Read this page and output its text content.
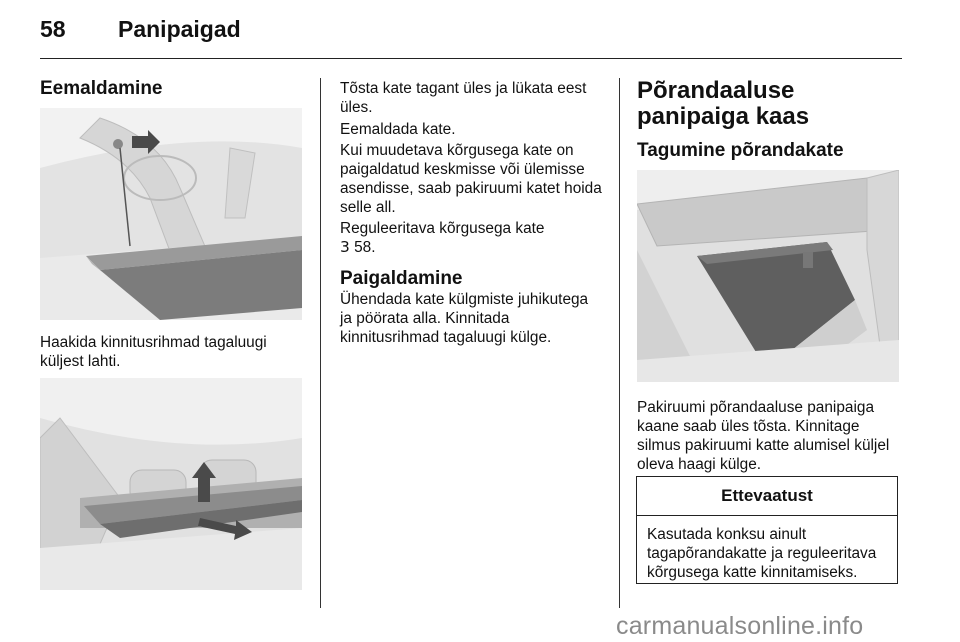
58 Panipaigad
Eemaldamine
Haakida kinnitusrihmad tagaluugi küljest lahti.
Tõsta kate tagant üles ja lükata eest üles.
Eemaldada kate.
Kui muudetava kõrgusega kate on paigaldatud keskmisse või ülemisse asendisse, saab pakiruumi katet hoida selle all.
Reguleeritava kõrgusega kate
3 58.
Paigaldamine
Ühendada kate külgmiste juhikutega ja pöörata alla. Kinnitada kinnitusrihmad tagaluugi külge.
Põrandaaluse panipaiga kaas
Tagumine põrandakate
Pakiruumi põrandaaluse panipaiga kaane saab üles tõsta. Kinnitage silmus pakiruumi katte alumisel küljel oleva haagi külge.
Ettevaatust
Kasutada konksu ainult tagapõrandakatte ja reguleeritava kõrgusega katte kinnitamiseks.
carmanualsonline.info
